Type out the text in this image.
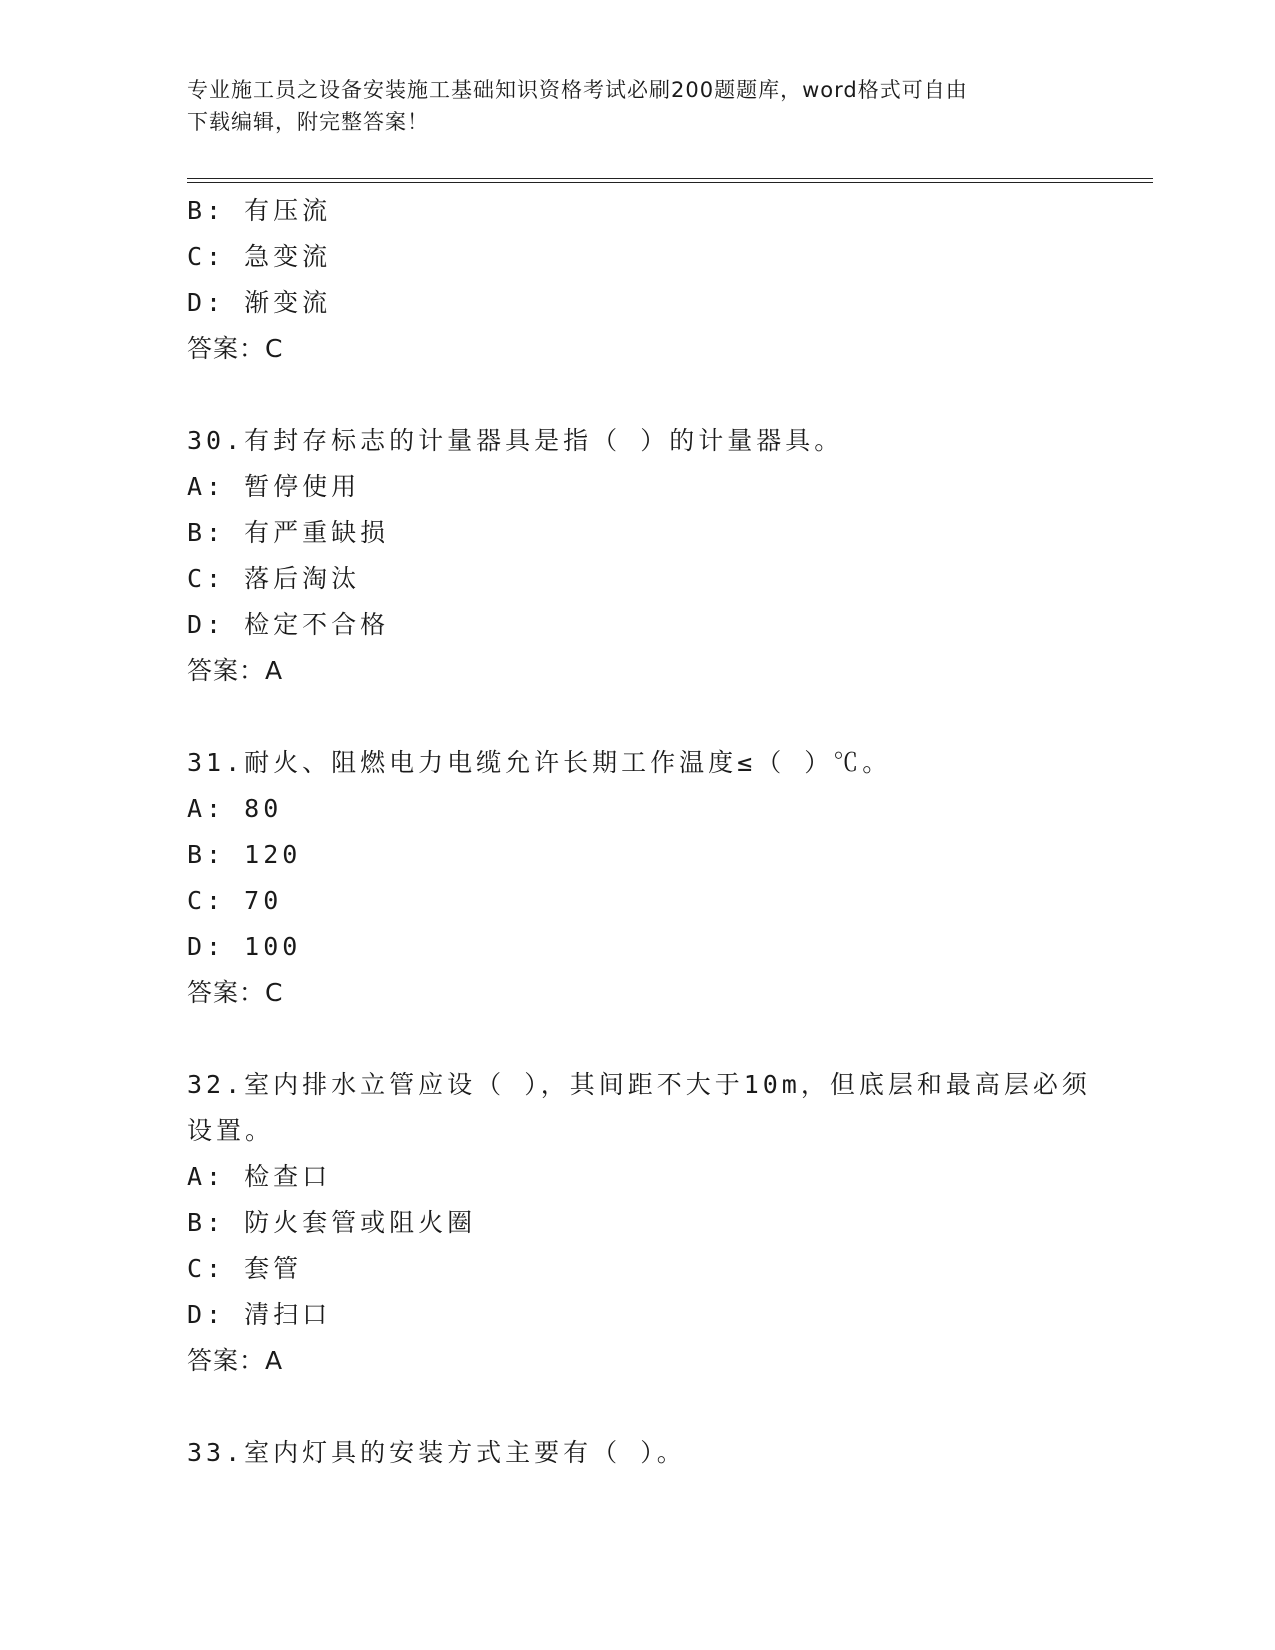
专业施工员之设备安装施工基础知识资格考试必刷200题题库，word格式可自由
下载编辑，附完整答案！
B: 有压流
C: 急变流
D: 渐变流
答案：C
30.有封存标志的计量器具是指（ ）的计量器具。
A: 暂停使用
B: 有严重缺损
C: 落后淘汰
D: 检定不合格
答案：A
31.耐火、阻燃电力电缆允许长期工作温度≤（ ）℃。
A: 80
B: 120
C: 70
D: 100
答案：C
32.室内排水立管应设（ ），其间距不大于10m，但底层和最高层必须
设置。
A: 检查口
B: 防火套管或阻火圈
C: 套管
D: 清扫口
答案：A
33.室内灯具的安装方式主要有（ ）。
